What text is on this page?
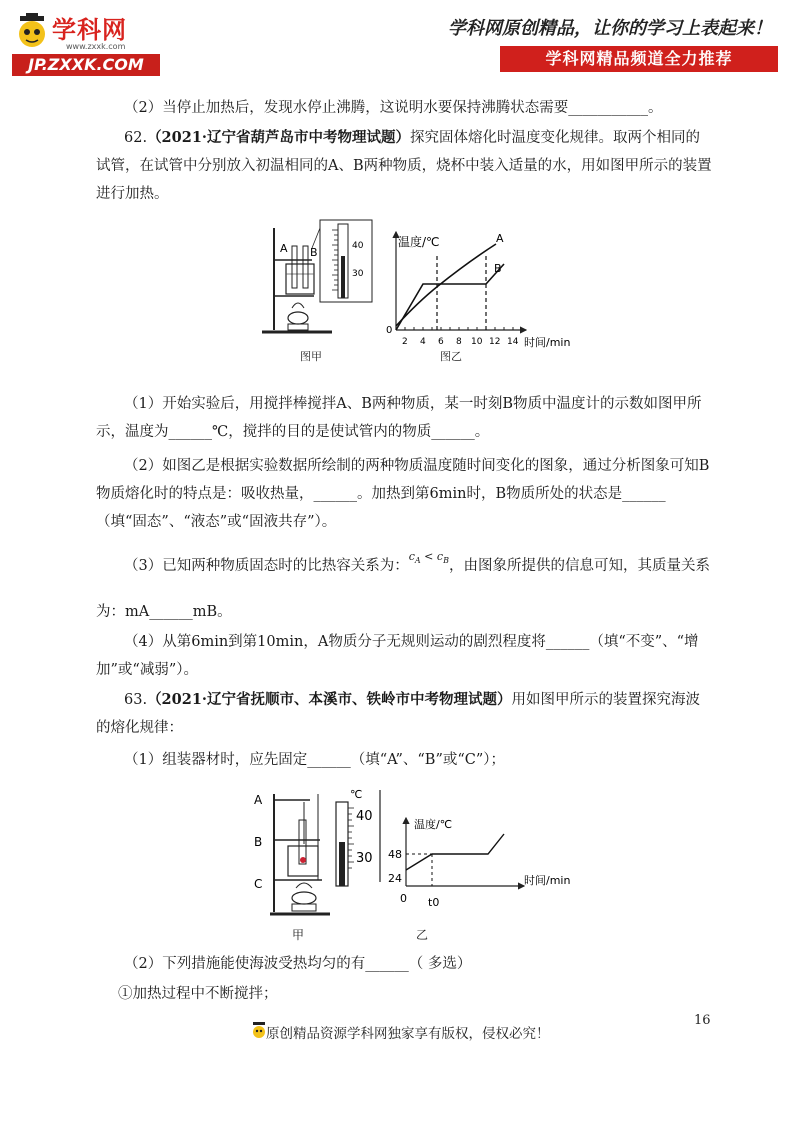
学科网
www.zxxk.com
JP.ZXXK.COM
学科网原创精品，让你的学习上表起来！
学科网精品频道全力推荐
（2）当停止加热后，发现水停止沸腾，这说明水要保持沸腾状态需要___________。
62.（2021·辽宁省葫芦岛市中考物理试题）探究固体熔化时温度变化规律。取两个相同的试管，在试管中分别放入初温相同的A、B两种物质，烧杯中装入适量的水，用如图甲所示的装置进行加热。
A B	40
30
图甲
温度/℃
0
A
B
2 4 6 8 10 12 14 时间/min
图乙
（1）开始实验后，用搅拌棒搅拌A、B两种物质，某一时刻B物质中温度计的示数如图甲所示，温度为______℃，搅拌的目的是使试管内的物质______。
（2）如图乙是根据实验数据所绘制的两种物质温度随时间变化的图象，通过分析图象可知B物质熔化时的特点是：吸收热量，______。加热到第6min时，B物质所处的状态是______（填“固态”、“液态”或“固液共存”）。
（3）已知两种物质固态时的比热容关系为：$^{c_A < c_B}$，由图象所提供的信息可知，其质量关系
为：mA______mB。
（4）从第6min到第10min，A物质分子无规则运动的剧烈程度将______（填“不变”、“增加”或“减弱”）。
63.（2021·辽宁省抚顺市、本溪市、铁岭市中考物理试题）用如图甲所示的装置探究海波的熔化规律：
（1）组装器材时，应先固定______（填“A”、“B”或“C”）；
A
B
C
℃
40
30
甲
温度/℃
48
24
0 t0
时间/min
乙
（2）下列措施能使海波受热均匀的有______（ 多选）
①加热过程中不断搅拌；
16
原创精品资源学科网独家享有版权，侵权必究！
